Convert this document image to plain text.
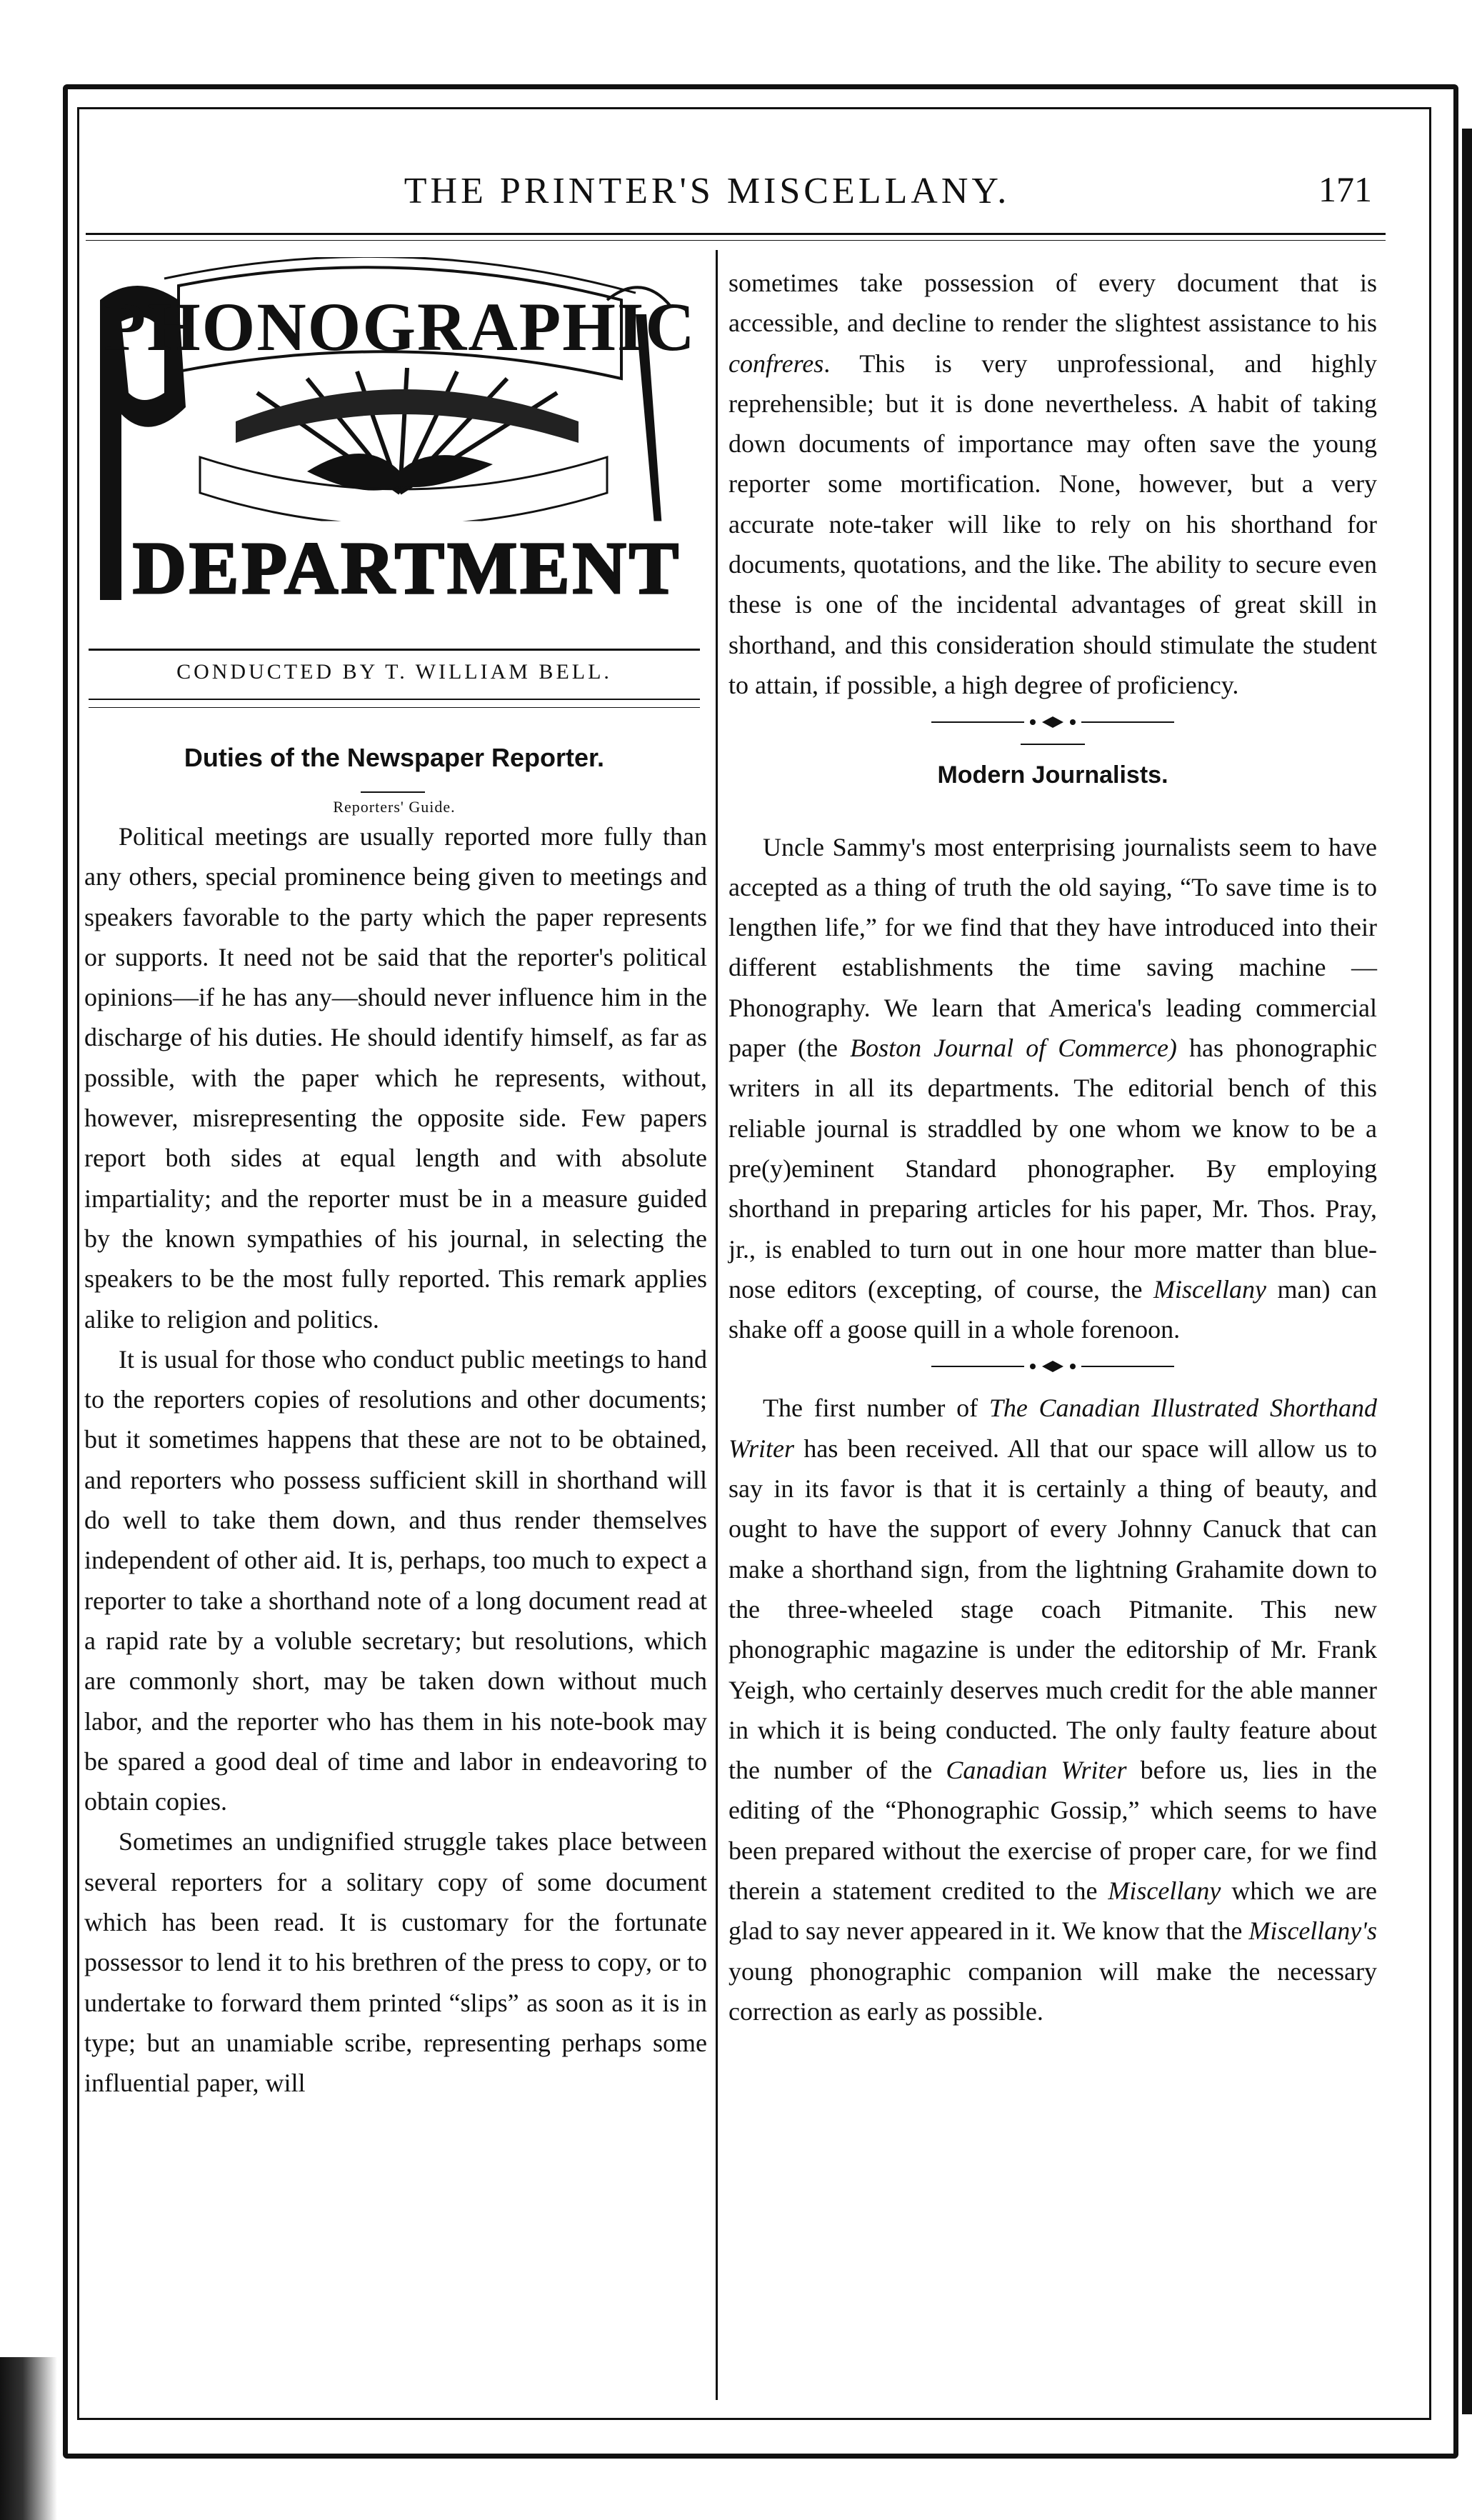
THE PRINTER'S MISCELLANY.	171
PHONOGRAPHIC
DEPARTMENT
CONDUCTED BY T. WILLIAM BELL.
Duties of the Newspaper Reporter.
Reporters' Guide.

Political meetings are usually reported more fully than any others, special prominence being given to meetings and speakers favorable to the party which the paper represents or supports. It need not be said that the reporter's political opinions—if he has any—should never influence him in the discharge of his duties. He should identify himself, as far as possible, with the paper which he represents, without, however, misrepresenting the opposite side. Few papers report both sides at equal length and with absolute impartiality; and the reporter must be in a measure guided by the known sympathies of his journal, in selecting the speakers to be the most fully reported. This remark applies alike to religion and politics.

It is usual for those who conduct public meetings to hand to the reporters copies of resolutions and other documents; but it sometimes happens that these are not to be obtained, and reporters who possess sufficient skill in shorthand will do well to take them down, and thus render themselves independent of other aid. It is, perhaps, too much to expect a reporter to take a shorthand note of a long document read at a rapid rate by a voluble secretary; but resolutions, which are commonly short, may be taken down without much labor, and the reporter who has them in his note-book may be spared a good deal of time and labor in endeavoring to obtain copies.

Sometimes an undignified struggle takes place between several reporters for a solitary copy of some document which has been read. It is customary for the fortunate possessor to lend it to his brethren of the press to copy, or to undertake to forward them printed “slips” as soon as it is in type; but an unamiable scribe, representing perhaps some influential paper, will

sometimes take possession of every document that is accessible, and decline to render the slightest assistance to his confreres. This is very unprofessional, and highly reprehensible; but it is done nevertheless. A habit of taking down documents of importance may often save the young reporter some mortification. None, however, but a very accurate note-taker will like to rely on his shorthand for documents, quotations, and the like. The ability to secure even these is one of the incidental advantages of great skill in shorthand, and this consideration should stimulate the student to attain, if possible, a high degree of proficiency.

Modern Journalists.

Uncle Sammy's most enterprising journalists seem to have accepted as a thing of truth the old saying, “To save time is to lengthen life,” for we find that they have introduced into their different establishments the time saving machine —Phonography. We learn that America's leading commercial paper (the Boston Journal of Commerce) has phonographic writers in all its departments. The editorial bench of this reliable journal is straddled by one whom we know to be a pre(y)eminent Standard phonographer. By employing shorthand in preparing articles for his paper, Mr. Thos. Pray, jr., is enabled to turn out in one hour more matter than blue-nose editors (excepting, of course, the Miscellany man) can shake off a goose quill in a whole forenoon.

The first number of The Canadian Illustrated Shorthand Writer has been received. All that our space will allow us to say in its favor is that it is certainly a thing of beauty, and ought to have the support of every Johnny Canuck that can make a shorthand sign, from the lightning Grahamite down to the three-wheeled stage coach Pitmanite. This new phonographic magazine is under the editorship of Mr. Frank Yeigh, who certainly deserves much credit for the able manner in which it is being conducted. The only faulty feature about the number of the Canadian Writer before us, lies in the editing of the “Phonographic Gossip,” which seems to have been prepared without the exercise of proper care, for we find therein a statement credited to the Miscellany which we are glad to say never appeared in it. We know that the Miscellany's young phonographic companion will make the necessary correction as early as possible.
